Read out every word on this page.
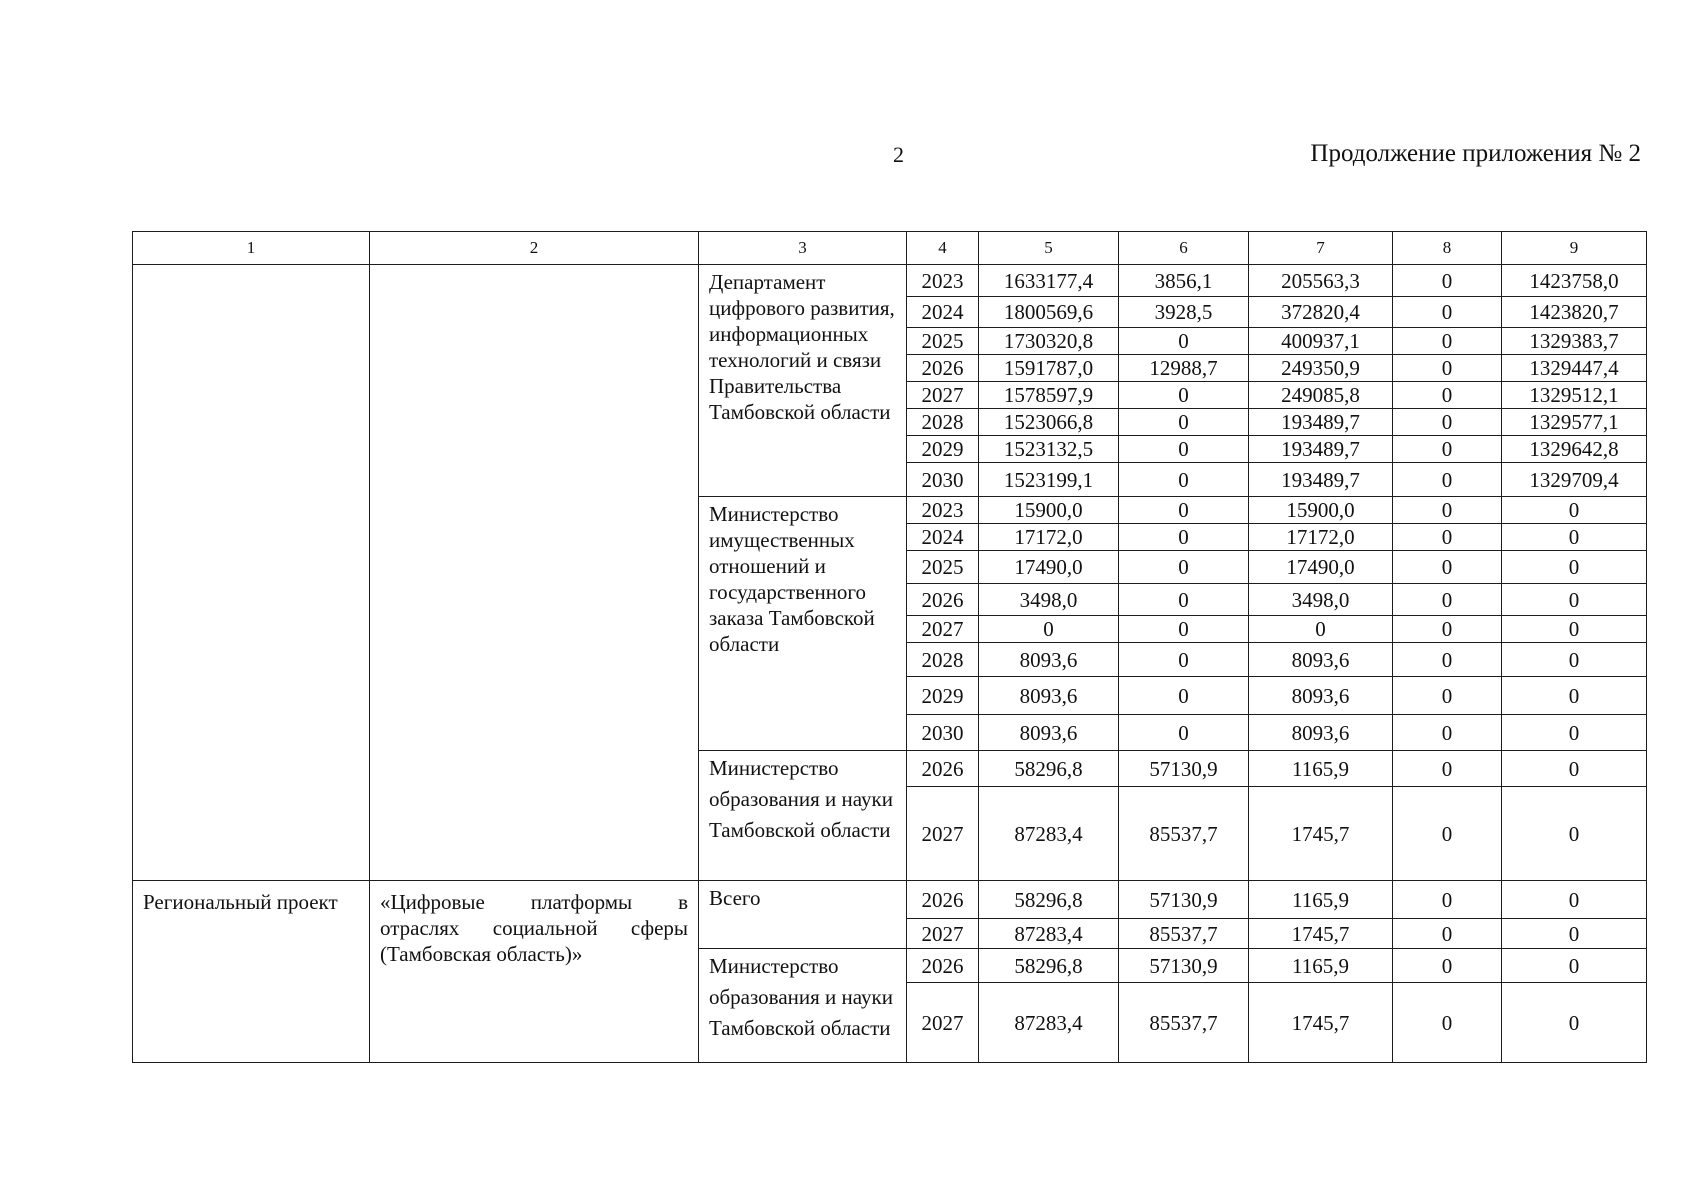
2	Продолжение приложения № 2
1	2	3	4	5	6	7	8	9
		Департамент цифрового развития, информационных технологий и связи Правительства Тамбовской области	2023	1633177,4	3856,1	205563,3	0	1423758,0
			2024	1800569,6	3928,5	372820,4	0	1423820,7
			2025	1730320,8	0	400937,1	0	1329383,7
			2026	1591787,0	12988,7	249350,9	0	1329447,4
			2027	1578597,9	0	249085,8	0	1329512,1
			2028	1523066,8	0	193489,7	0	1329577,1
			2029	1523132,5	0	193489,7	0	1329642,8
			2030	1523199,1	0	193489,7	0	1329709,4
		Министерство имущественных отношений и государственного заказа Тамбовской области	2023	15900,0	0	15900,0	0	0
			2024	17172,0	0	17172,0	0	0
			2025	17490,0	0	17490,0	0	0
			2026	3498,0	0	3498,0	0	0
			2027	0	0	0	0	0
			2028	8093,6	0	8093,6	0	0
			2029	8093,6	0	8093,6	0	0
			2030	8093,6	0	8093,6	0	0
		Министерство образования и науки Тамбовской области	2026	58296,8	57130,9	1165,9	0	0
			2027	87283,4	85537,7	1745,7	0	0
Региональный проект	«Цифровые платформы в отраслях социальной сферы (Тамбовская область)»	Всего	2026	58296,8	57130,9	1165,9	0	0
			2027	87283,4	85537,7	1745,7	0	0
		Министерство образования и науки Тамбовской области	2026	58296,8	57130,9	1165,9	0	0
			2027	87283,4	85537,7	1745,7	0	0
